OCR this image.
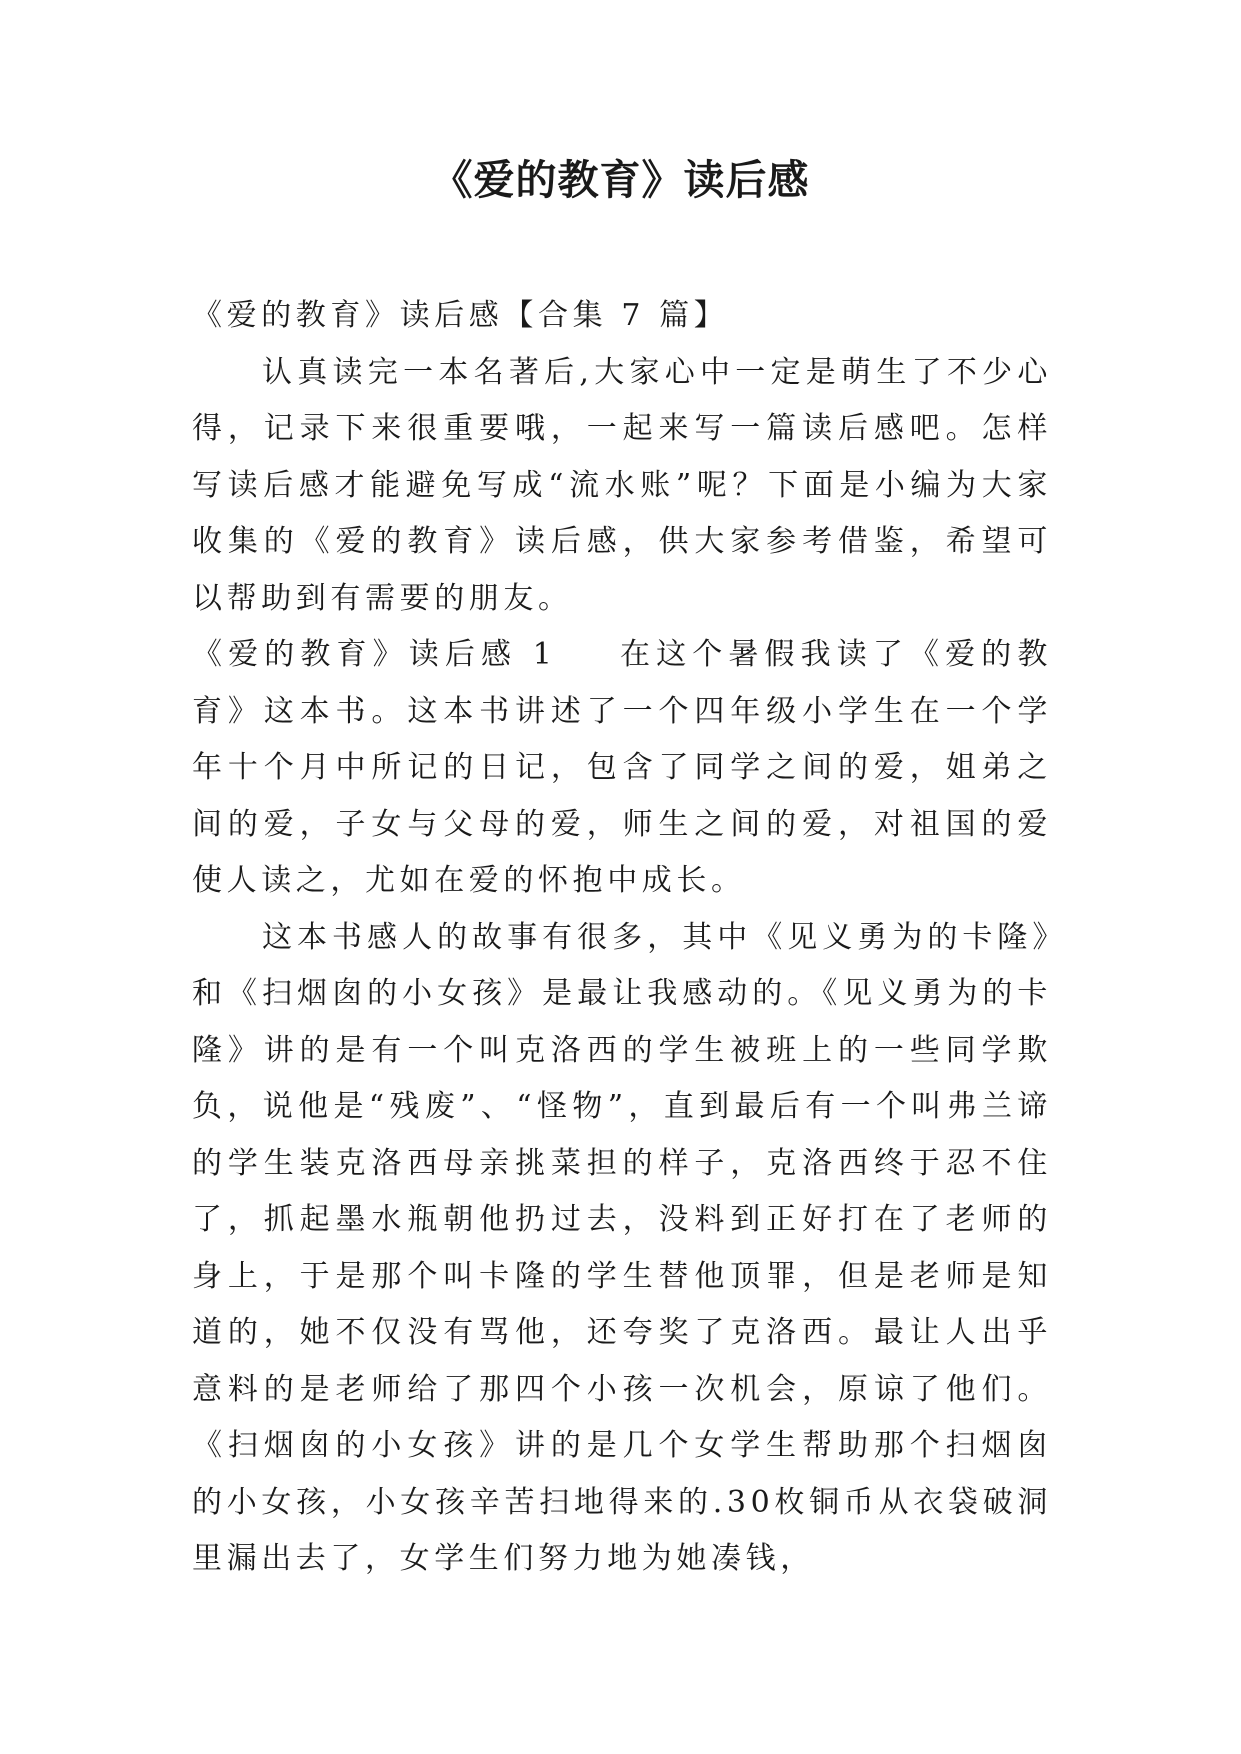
《爱的教育》读后感

《爱的教育》读后感【合集 7 篇】

认真读完一本名著后,大家心中一定是萌生了不少心得，记录下来很重要哦，一起来写一篇读后感吧。怎样写读后感才能避免写成“流水账”呢？下面是小编为大家收集的《爱的教育》读后感，供大家参考借鉴，希望可以帮助到有需要的朋友。

《爱的教育》读后感 1 在这个暑假我读了《爱的教育》这本书。这本书讲述了一个四年级小学生在一个学年十个月中所记的日记，包含了同学之间的爱，姐弟之间的爱，子女与父母的爱，师生之间的爱，对祖国的爱使人读之，尤如在爱的怀抱中成长。

这本书感人的故事有很多，其中《见义勇为的卡隆》和《扫烟囱的小女孩》是最让我感动的。《见义勇为的卡隆》讲的是有一个叫克洛西的学生被班上的一些同学欺负，说他是“残废”、“怪物”，直到最后有一个叫弗兰谛的学生装克洛西母亲挑菜担的样子，克洛西终于忍不住了，抓起墨水瓶朝他扔过去，没料到正好打在了老师的身上，于是那个叫卡隆的学生替他顶罪，但是老师是知道的，她不仅没有骂他，还夸奖了克洛西。最让人出乎意料的是老师给了那四个小孩一次机会，原谅了他们。《扫烟囱的小女孩》讲的是几个女学生帮助那个扫烟囱的小女孩，小女孩辛苦扫地得来的.30枚铜币从衣袋破洞里漏出去了，女学生们努力地为她凑钱，
